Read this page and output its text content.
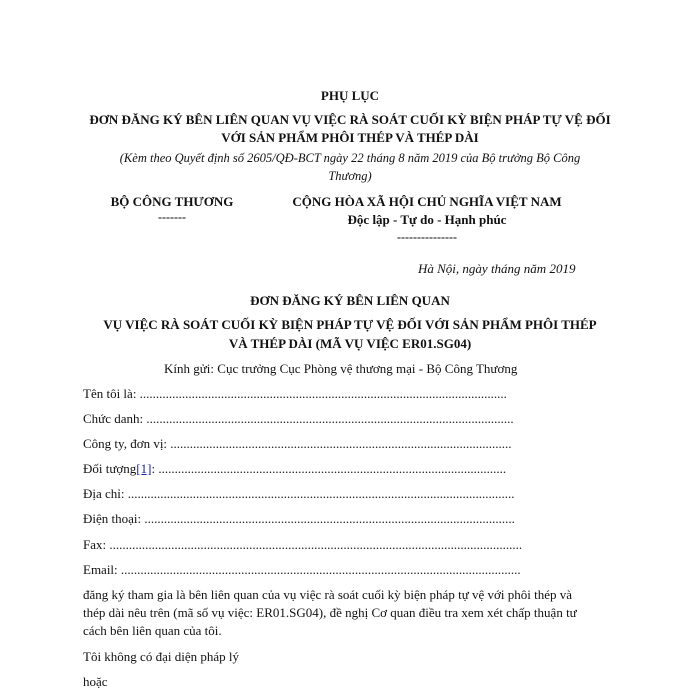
PHỤ LỤC
ĐƠN ĐĂNG KÝ BÊN LIÊN QUAN VỤ VIỆC RÀ SOÁT CUỐI KỲ BIỆN PHÁP TỰ VỆ ĐỐI
VỚI SẢN PHẨM PHÔI THÉP VÀ THÉP DÀI
(Kèm theo Quyết định số 2605/QĐ-BCT ngày 22 tháng 8 năm 2019 của Bộ trưởng Bộ Công
Thương)
BỘ CÔNG THƯƠNG
-------
CỘNG HÒA XÃ HỘI CHỦ NGHĨA VIỆT NAM
Độc lập - Tự do - Hạnh phúc
---------------
Hà Nội, ngày tháng năm 2019
ĐƠN ĐĂNG KÝ BÊN LIÊN QUAN
VỤ VIỆC RÀ SOÁT CUỐI KỲ BIỆN PHÁP TỰ VỆ ĐỐI VỚI SẢN PHẨM PHÔI THÉP
VÀ THÉP DÀI (MÃ VỤ VIỆC ER01.SG04)
Kính gửi: Cục trưởng Cục Phòng vệ thương mại - Bộ Công Thương
Tên tôi là: .................................................................................................................
Chức danh: .................................................................................................................
Công ty, đơn vị: .........................................................................................................
Đối tượng[1]: ...........................................................................................................
Địa chỉ: .......................................................................................................................
Điện thoại: ..................................................................................................................
Fax: ...............................................................................................................................
Email: ...........................................................................................................................
đăng ký tham gia là bên liên quan của vụ việc rà soát cuối kỳ biện pháp tự vệ với phôi thép và
thép dài nêu trên (mã số vụ việc: ER01.SG04), đề nghị Cơ quan điều tra xem xét chấp thuận tư
cách bên liên quan của tôi.
Tôi không có đại diện pháp lý
hoặc
